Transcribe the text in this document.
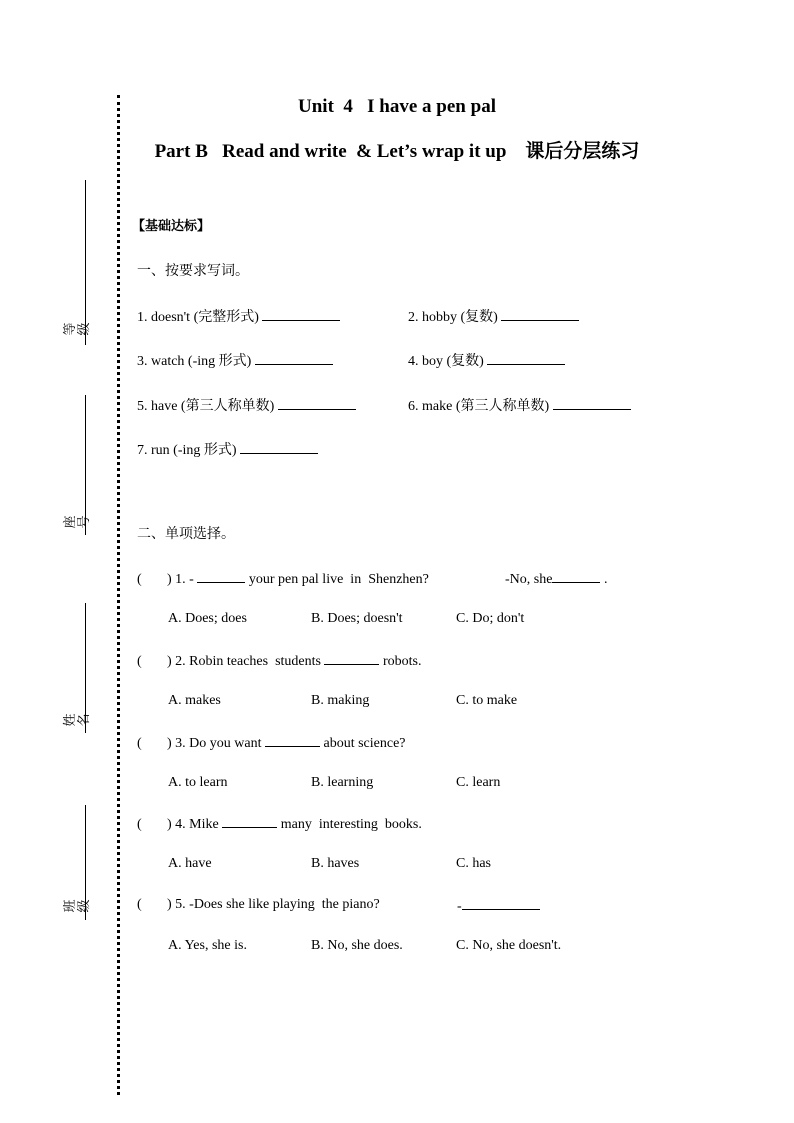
等级
座号
姓名
班级
Unit  4   I have a pen pal
Part B   Read and write  & Let’s wrap it up    课后分层练习
【基础达标】
一、按要求写词。
1. doesn't (完整形式)	2. hobby (复数)
3. watch (-ing 形式)	4. boy (复数)
5. have (第三人称单数)	6. make (第三人称单数)
7. run (-ing 形式)
二、单项选择。
( ) 1. -	your pen pal live  in  Shenzhen?	-No, she	.
A. Does; does	B. Does; doesn't	C. Do; don't
( ) 2. Robin teaches  students	robots.
A. makes	B. making	C. to make
( ) 3. Do you want	about science?
A. to learn	B. learning	C. learn
( ) 4. Mike	many  interesting  books.
A. have	B. haves	C. has
( ) 5. -Does she like playing  the piano?	-
A. Yes, she is.	B. No, she does.	C. No, she doesn't.
